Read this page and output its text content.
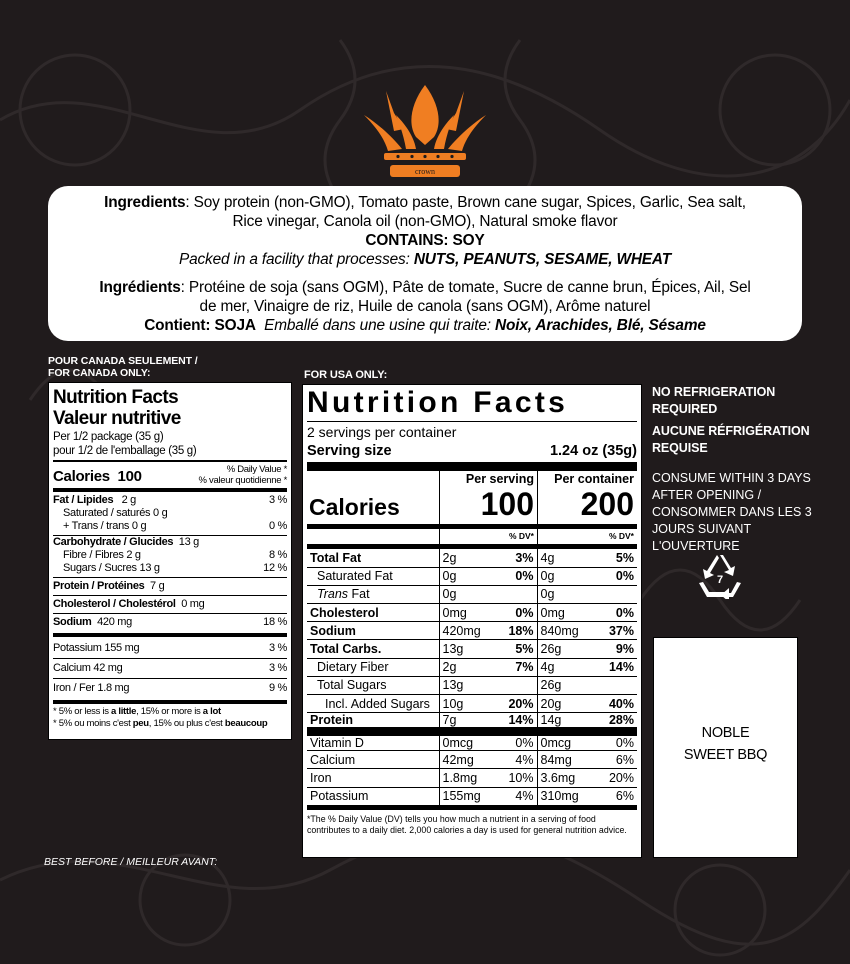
crown
Ingredients: Soy protein (non-GMO), Tomato paste, Brown cane sugar, Spices, Garlic, Sea salt,
Rice vinegar, Canola oil (non-GMO), Natural smoke flavor
CONTAINS: SOY
Packed in a facility that processes: NUTS, PEANUTS, SESAME, WHEAT
Ingrédients: Protéine de soja (sans OGM), Pâte de tomate, Sucre de canne brun, Épices, Ail, Sel
de mer, Vinaigre de riz, Huile de canola (sans OGM), Arôme naturel
Contient: SOJA Emballé dans une usine qui traite: Noix, Arachides, Blé, Sésame
POUR CANADA SEULEMENT /
FOR CANADA ONLY:
Nutrition Facts
Valeur nutritive
Per 1/2 package (35 g)
pour 1/2 de l'emballage (35 g)
Calories 100	% Daily Value *
% valeur quotidienne *
Fat / Lipides 2 g	3 %
Saturated / saturés 0 g
+ Trans / trans 0 g	0 %
Carbohydrate / Glucides 13 g
Fibre / Fibres 2 g	8 %
Sugars / Sucres 13 g	12 %
Protein / Protéines 7 g
Cholesterol / Cholestérol 0 mg
Sodium 420 mg	18 %
Potassium 155 mg	3 %
Calcium 42 mg	3 %
Iron / Fer 1.8 mg	9 %
* 5% or less is a little, 15% or more is a lot
* 5% ou moins c'est peu, 15% ou plus c'est beaucoup
FOR USA ONLY:
Nutrition Facts
2 servings per container
Serving size	1.24 oz (35g)
Calories
Per serving
100
Per container
200
% DV*	% DV*
Total Fat	2g	3%	4g	5%
Saturated Fat	0g	0%	0g	0%
Trans Fat	0g		0g	
Cholesterol	0mg	0%	0mg	0%
Sodium	420mg	18%	840mg	37%
Total Carbs.	13g	5%	26g	9%
Dietary Fiber	2g	7%	4g	14%
Total Sugars	13g		26g	
Incl. Added Sugars	10g	20%	20g	40%
Protein	7g	14%	14g	28%
Vitamin D	0mcg	0%	0mcg	0%
Calcium	42mg	4%	84mg	6%
Iron	1.8mg	10%	3.6mg	20%
Potassium	155mg	4%	310mg	6%
*The % Daily Value (DV) tells you how much a nutrient in a serving of food contributes to a daily diet. 2,000 calories a day is used for general nutrition advice.
NO REFRIGERATION
REQUIRED
AUCUNE RÉFRIGÉRATION
REQUISE
CONSUME WITHIN 3 DAYS
AFTER OPENING /
CONSOMMER DANS LES 3
JOURS SUIVANT L'OUVERTURE
7
NOBLE
SWEET BBQ
BEST BEFORE / MEILLEUR AVANT:
